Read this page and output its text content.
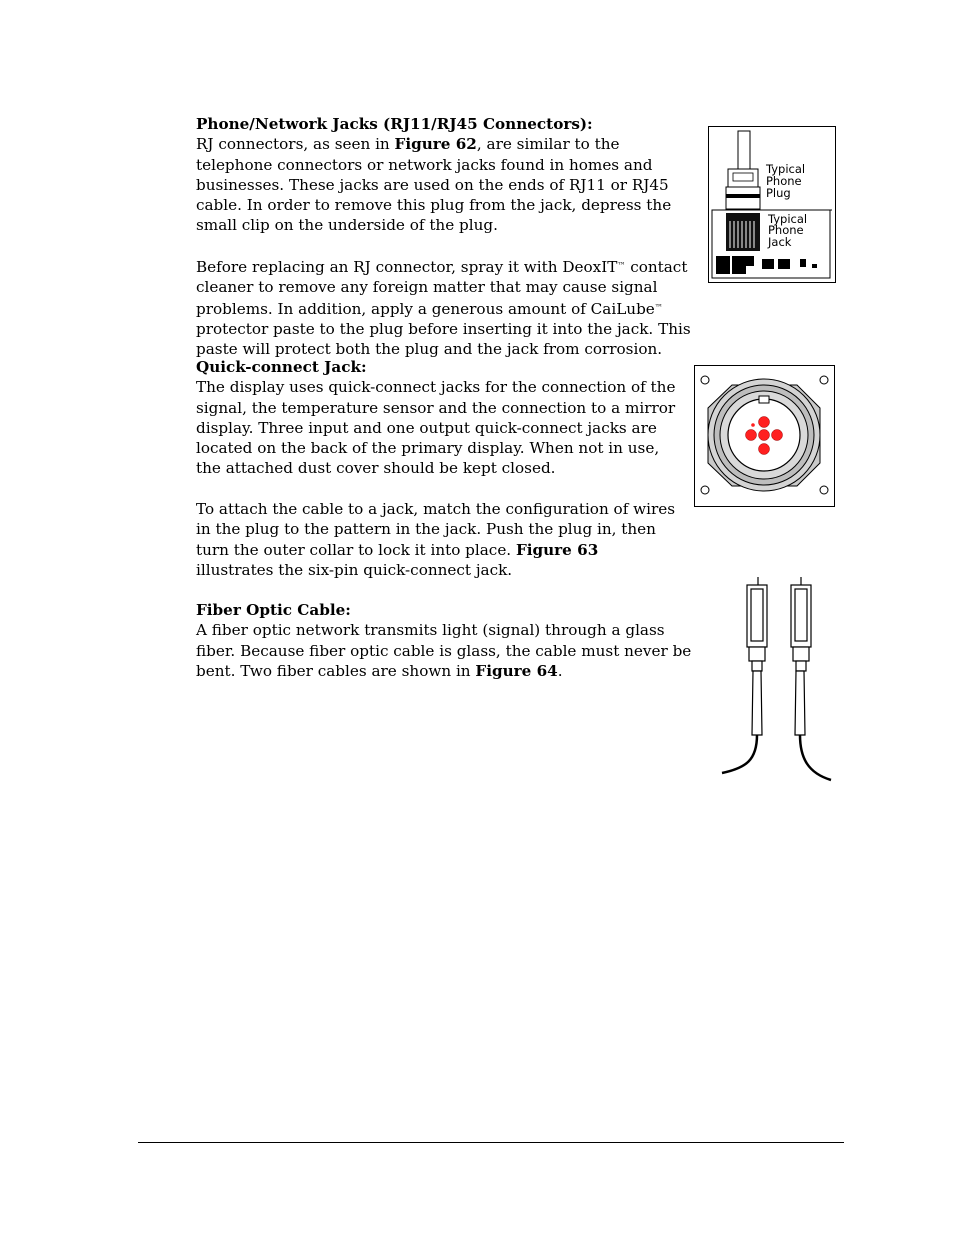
Phone/Network Jacks (RJ11/RJ45 Connectors):

RJ connectors, as seen in Figure 62, are similar to the telephone connectors or network jacks found in homes and businesses. These jacks are used on the ends of RJ11 or RJ45 cable. In order to remove this plug from the jack, depress the small clip on the underside of the plug.

Before replacing an RJ connector, spray it with DeoxIT™ contact cleaner to remove any foreign matter that may cause signal problems. In addition, apply a generous amount of CaiLube™ protector paste to the plug before inserting it into the jack. This paste will protect both the plug and the jack from corrosion.

Quick-connect Jack:

The display uses quick-connect jacks for the connection of the signal, the temperature sensor and the connection to a mirror display. Three input and one output quick-connect jacks are located on the back of the primary display. When not in use, the attached dust cover should be kept closed.

To attach the cable to a jack, match the configuration of wires in the plug to the pattern in the jack. Push the plug in, then turn the outer collar to lock it into place. Figure 63 illustrates the six-pin quick-connect jack.

Fiber Optic Cable:

A fiber optic network transmits light (signal) through a glass fiber. Because fiber optic cable is glass, the cable must never be bent. Two fiber cables are shown in Figure 64.

Typical
Phone
Plug
Typical
Phone
Jack
